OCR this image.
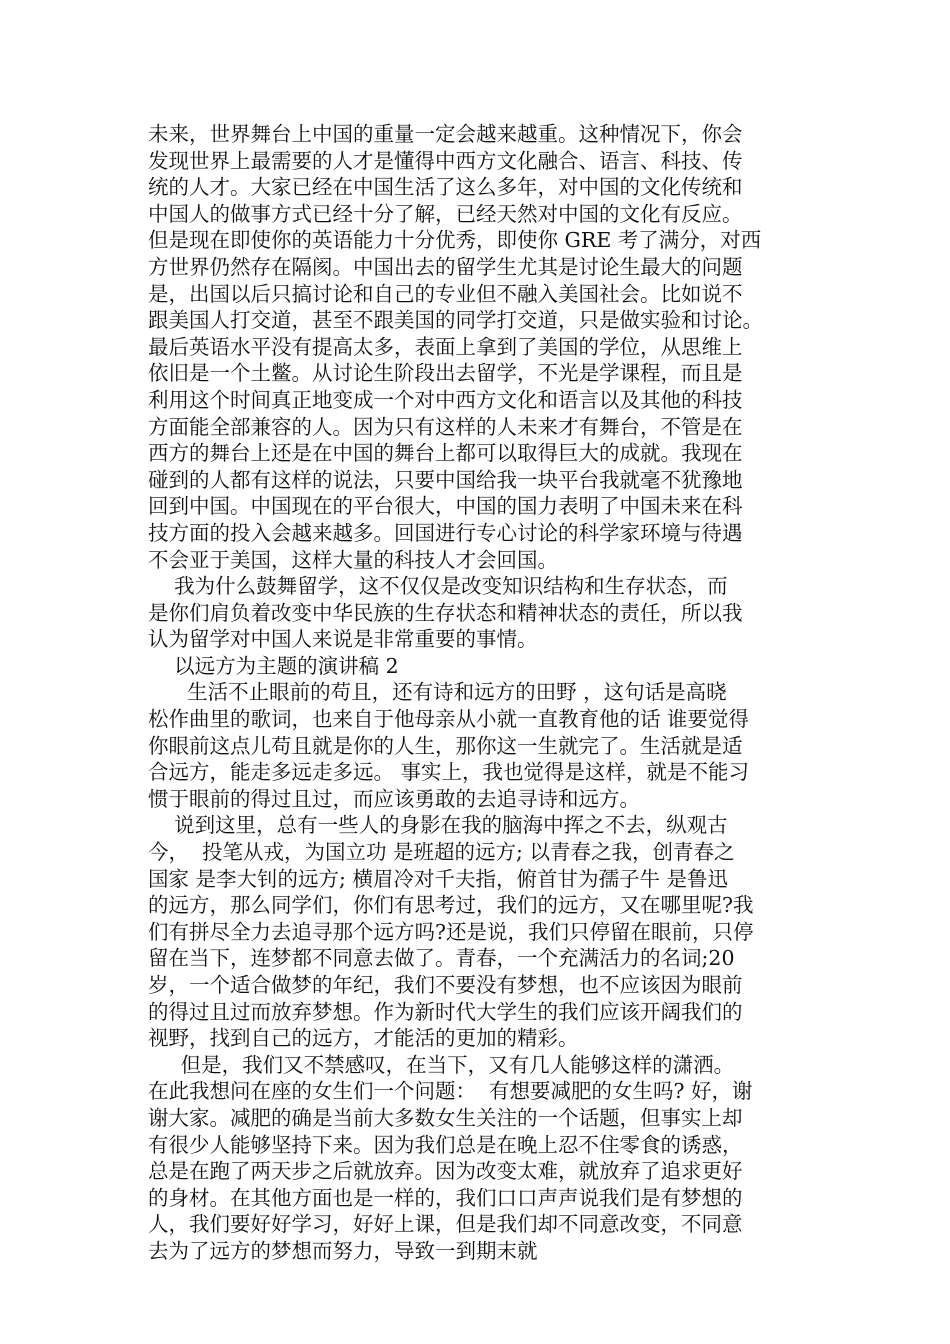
未来，世界舞台上中国的重量一定会越来越重。这种情况下，你会
发现世界上最需要的人才是懂得中西方文化融合、语言、科技、传
统的人才。大家已经在中国生活了这么多年，对中国的文化传统和
中国人的做事方式已经十分了解，已经天然对中国的文化有反应。
但是现在即使你的英语能力十分优秀，即使你 GRE 考了满分，对西
方世界仍然存在隔阂。中国出去的留学生尤其是讨论生最大的问题
是，出国以后只搞讨论和自己的专业但不融入美国社会。比如说不
跟美国人打交道，甚至不跟美国的同学打交道，只是做实验和讨论。
最后英语水平没有提高太多，表面上拿到了美国的学位，从思维上
依旧是一个土鳖。从讨论生阶段出去留学，不光是学课程，而且是
利用这个时间真正地变成一个对中西方文化和语言以及其他的科技
方面能全部兼容的人。因为只有这样的人未来才有舞台，不管是在
西方的舞台上还是在中国的舞台上都可以取得巨大的成就。我现在
碰到的人都有这样的说法，只要中国给我一块平台我就毫不犹豫地
回到中国。中国现在的平台很大，中国的国力表明了中国未来在科
技方面的投入会越来越多。回国进行专心讨论的科学家环境与待遇
不会亚于美国，这样大量的科技人才会回国。
我为什么鼓舞留学，这不仅仅是改变知识结构和生存状态，而
是你们肩负着改变中华民族的生存状态和精神状态的责任，所以我
认为留学对中国人来说是非常重要的事情。
以远方为主题的演讲稿 2
生活不止眼前的苟且，还有诗和远方的田野 ，这句话是高晓
松作曲里的歌词，也来自于他母亲从小就一直教育他的话 谁要觉得
你眼前这点儿苟且就是你的人生，那你这一生就完了。生活就是适
合远方，能走多远走多远。 事实上，我也觉得是这样，就是不能习
惯于眼前的得过且过，而应该勇敢的去追寻诗和远方。
说到这里，总有一些人的身影在我的脑海中挥之不去，纵观古
今，  投笔从戎，为国立功 是班超的远方; 以青春之我，创青春之
国家 是李大钊的远方; 横眉冷对千夫指，俯首甘为孺子牛 是鲁迅
的远方，那么同学们，你们有思考过，我们的远方，又在哪里呢?我
们有拼尽全力去追寻那个远方吗?还是说，我们只停留在眼前，只停
留在当下，连梦都不同意去做了。青春，一个充满活力的名词;20
岁，一个适合做梦的年纪，我们不要没有梦想，也不应该因为眼前
的得过且过而放弃梦想。作为新时代大学生的我们应该开阔我们的
视野，找到自己的远方，才能活的更加的精彩。
但是，我们又不禁感叹，在当下，又有几人能够这样的潇洒。
在此我想问在座的女生们一个问题：  有想要减肥的女生吗? 好，谢
谢大家。减肥的确是当前大多数女生关注的一个话题，但事实上却
有很少人能够坚持下来。因为我们总是在晚上忍不住零食的诱惑，
总是在跑了两天步之后就放弃。因为改变太难，就放弃了追求更好
的身材。在其他方面也是一样的，我们口口声声说我们是有梦想的
人，我们要好好学习，好好上课，但是我们却不同意改变，不同意
去为了远方的梦想而努力，导致一到期末就
